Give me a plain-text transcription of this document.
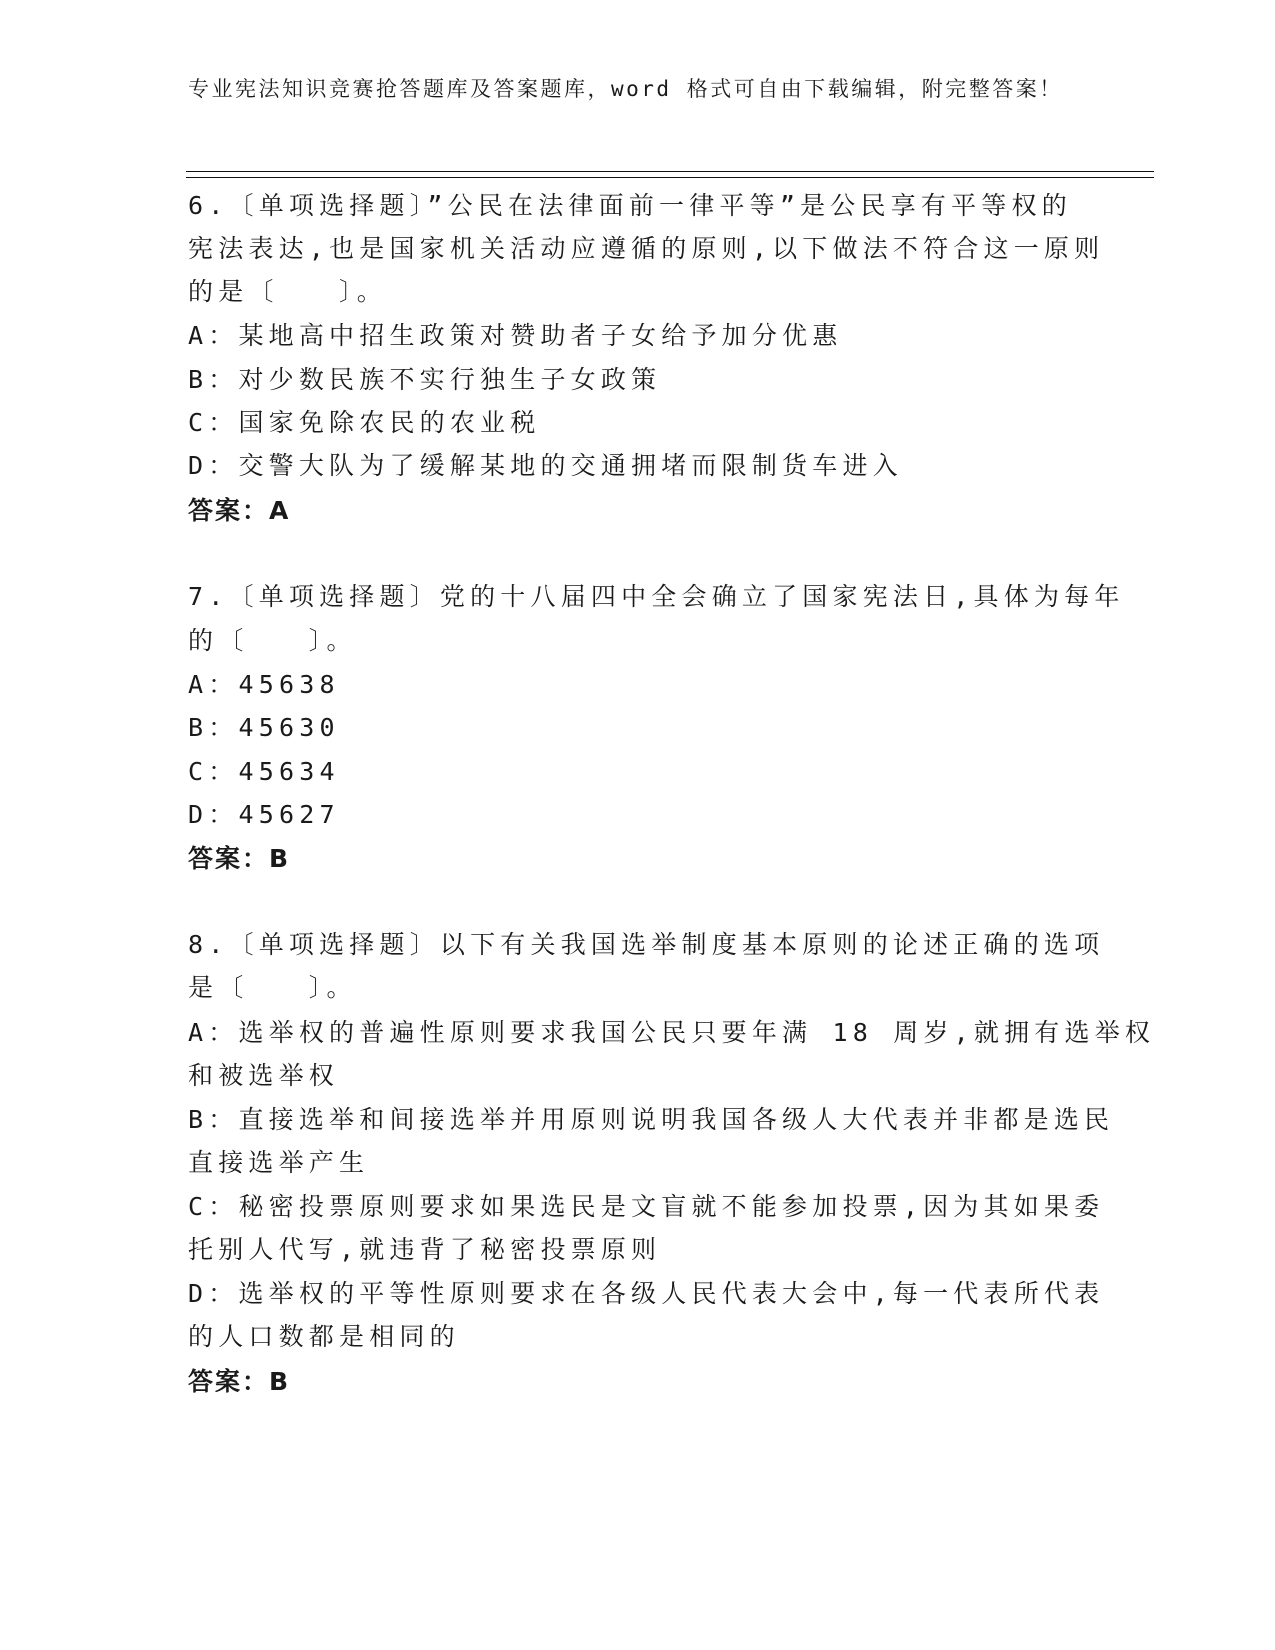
专业宪法知识竞赛抢答题库及答案题库，word 格式可自由下载编辑，附完整答案！
6.〔单项选择题〕”公民在法律面前一律平等”是公民享有平等权的
宪法表达,也是国家机关活动应遵循的原则,以下做法不符合这一原则
的是〔　　〕。
A：某地高中招生政策对赞助者子女给予加分优惠
B：对少数民族不实行独生子女政策
C：国家免除农民的农业税
D：交警大队为了缓解某地的交通拥堵而限制货车进入
答案：A
7.〔单项选择题〕党的十八届四中全会确立了国家宪法日,具体为每年
的〔　　〕。
A：45638
B：45630
C：45634
D：45627
答案：B
8.〔单项选择题〕以下有关我国选举制度基本原则的论述正确的选项
是〔　　〕。
A：选举权的普遍性原则要求我国公民只要年满 18 周岁,就拥有选举权
和被选举权
B：直接选举和间接选举并用原则说明我国各级人大代表并非都是选民
直接选举产生
C：秘密投票原则要求如果选民是文盲就不能参加投票,因为其如果委
托别人代写,就违背了秘密投票原则
D：选举权的平等性原则要求在各级人民代表大会中,每一代表所代表
的人口数都是相同的
答案：B
